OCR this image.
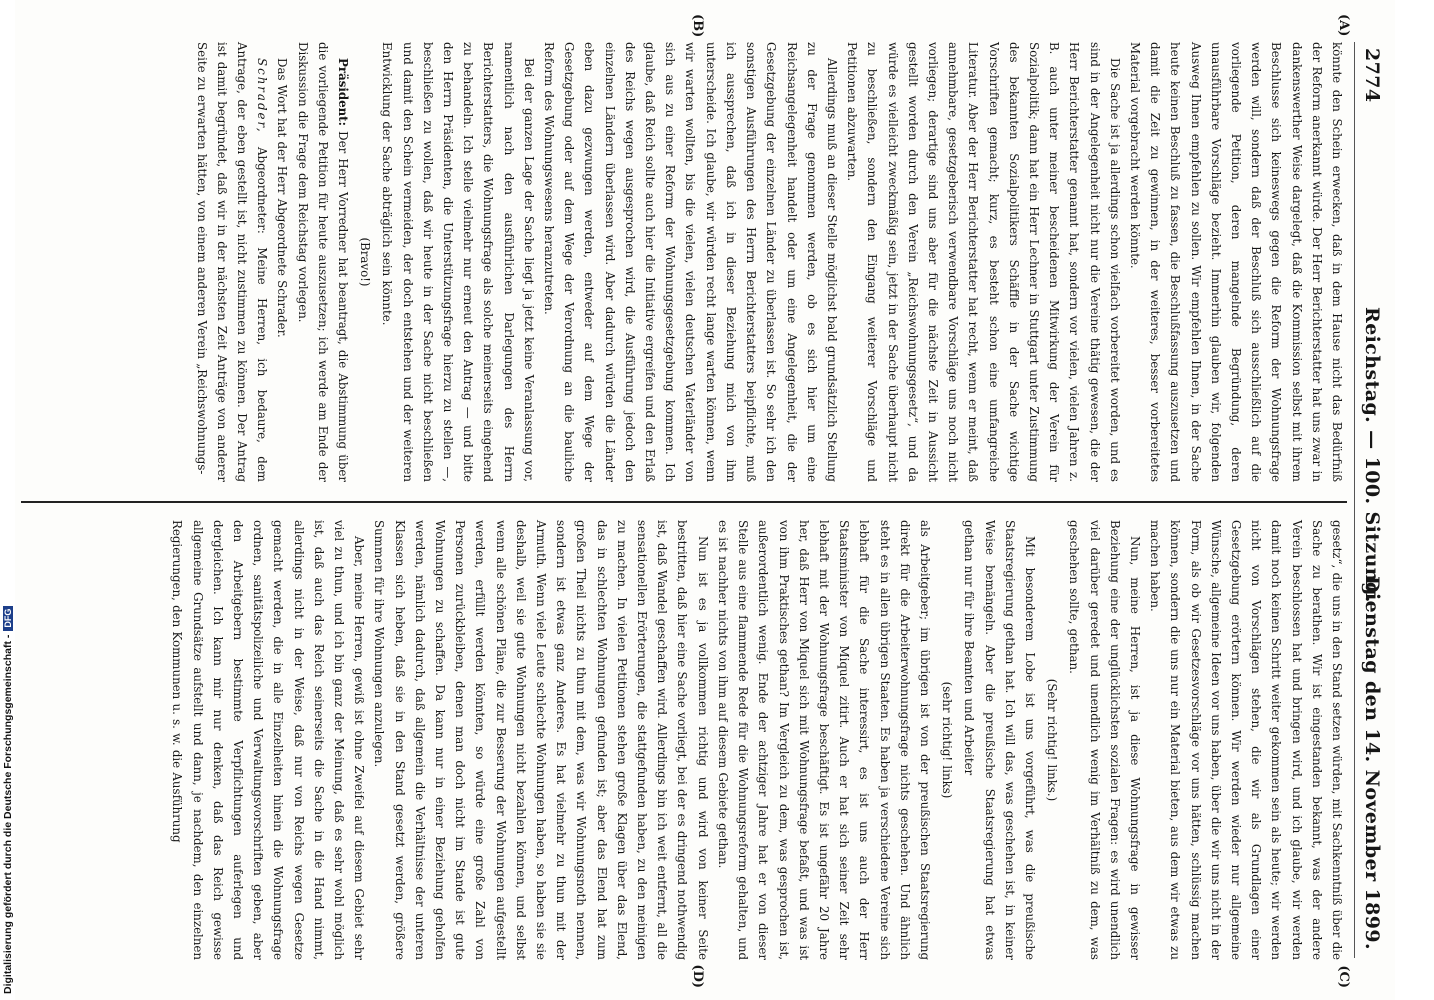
2774
Reichstag. — 100. Sitzung.
Dienstag den 14. November 1899.
(A)
(B)
(C)
(D)

könnte den Schein erwecken, daß in dem Hause nicht das Bedürfniß der Reform anerkannt würde. Der Herr Berichterstatter hat uns zwar in dankenswerther Weise dargelegt, daß die Kommission selbst mit ihrem Beschlusse sich keineswegs gegen die Reform der Wohnungsfrage werden will, sondern daß der Beschluß sich ausschließlich auf die vorliegende Petition, deren mangelnde Begründung, deren unausführbare Vorschläge bezieht. Immerhin glauben wir, folgenden Ausweg Ihnen empfehlen zu sollen. Wir empfehlen Ihnen, in der Sache heute keinen Beschluß zu fassen, die Beschlußfassung auszusetzen und damit die Zeit zu gewinnen, in der weiteres, besser vorbereitetes Material vorgebracht werden könnte.

Die Sache ist ja allerdings schon vielfach vorbereitet worden, und es sind in der Angelegenheit nicht nur die Vereine thätig gewesen, die der Herr Berichterstatter genannt hat, sondern vor vielen, vielen Jahren z. B. auch unter meiner bescheidenen Mitwirkung der Verein für Sozialpolitik; dann hat ein Herr Lechner in Stuttgart unter Zustimmung des bekannten Sozialpolitikers Schäffle in der Sache wichtige Vorschriften gemacht; kurz, es besteht schon eine umfangreiche Literatur. Aber der Herr Berichterstatter hat recht, wenn er meint, daß annehmbare, gesetzgeberisch verwendbare Vorschläge uns noch nicht vorliegen; derartige sind uns aber für die nächste Zeit in Aussicht gestellt worden durch den Verein „Reichswohnungsgesetz“, und da würde es vielleicht zweckmäßig sein, jetzt in der Sache überhaupt nicht zu beschließen, sondern den Eingang weiterer Vorschläge und Petitionen abzuwarten.

Allerdings muß an dieser Stelle möglichst bald grundsätzlich Stellung zu der Frage genommen werden, ob es sich hier um eine Reichsangelegenheit handelt oder um eine Angelegenheit, die der Gesetzgebung der einzelnen Länder zu überlassen ist. So sehr ich den sonstigen Ausführungen des Herrn Berichterstatters beipflichte, muß ich aussprechen, daß ich in dieser Beziehung mich von ihm unterscheide. Ich glaube, wir würden recht lange warten können, wenn wir warten wollten, bis die vielen, vielen deutschen Vaterländer von sich aus zu einer Reform der Wohnungsgesetzgebung kommen. Ich glaube, daß Reich sollte auch hier die Initiative ergreifen und den Erlaß des Reichs wegen ausgesprochen wird, die Ausführung jedoch den einzelnen Ländern überlassen wird. Aber dadurch würden die Länder eben dazu gezwungen werden, entweder auf dem Wege der Gesetzgebung oder auf dem Wege der Verordnung an die bauliche Reform des Wohnungswesens heranzutreten.

Bei der ganzen Lage der Sache liegt ja jetzt keine Veranlassung vor, namentlich nach den ausführlichen Darlegungen des Herrn Berichterstatters, die Wohnungsfrage als solche meinerseits eingehend zu behandeln. Ich stelle vielmehr nur erneut den Antrag — und bitte den Herrn Präsidenten, die Unterstützungsfrage hierzu zu stellen —, beschließen zu wollen, daß wir heute in der Sache nicht beschließen und damit den Schein vermeiden, der doch entstehen und der weiteren Entwicklung der Sache abträglich sein könnte.

(Bravo!)

Präsident: Der Herr Vorredner hat beantragt, die Abstimmung über die vorliegende Petition für heute auszusetzen; ich werde am Ende der Diskussion die Frage dem Reichstag vorlegen.

Das Wort hat der Herr Abgeordnete Schrader.

Schrader, Abgeordneter: Meine Herren, ich bedaure, dem Antrage, der eben gestellt ist, nicht zustimmen zu können. Der Antrag ist damit begründet, daß wir in der nächsten Zeit Anträge von anderer Seite zu erwarten hätten, von einem anderen Verein „Reichswohnungs-

gesetz“, die uns in den Stand setzen würden, mit Sachkenntniß über die Sache zu berathen. Wir ist eingestanden bekannt, was der andere Verein beschlossen hat und bringen wird, und ich glaube, wir werden damit noch keinen Schritt weiter gekommen sein als heute; wir werden nicht von Vorschlägen stehen, die wir als Grundlagen einer Gesetzgebung erörtern können. Wir werden wieder nur allgemeine Wünsche, allgemeine Ideen vor uns haben, über die wir uns nicht in der Form, als ob wir Gesetzesvorschläge vor uns hätten, schlüssig machen können, sondern die uns nur ein Material bieten, aus dem wir etwas zu machen haben.

Nun, meine Herren, ist ja diese Wohnungsfrage in gewisser Beziehung eine der unglücklichsten sozialen Fragen: es wird unendlich viel darüber geredet und unendlich wenig im Verhältniß zu dem, was geschehen sollte, gethan.

(Sehr richtig! links.)

Mit besonderem Lobe ist uns vorgeführt, was die preußische Staatsregierung gethan hat. Ich will das, was geschehen ist, in keiner Weise bemängeln. Aber die preußische Staatsregierung hat etwas gethan nur für ihre Beamten und Arbeiter

(sehr richtig! links)

als Arbeitgeber; im übrigen ist von der preußischen Staatsregierung direkt für die Arbeiterwohnungsfrage nichts geschehen. Und ähnlich steht es in allen übrigen Staaten. Es haben ja verschiedene Vereine sich lebhaft für die Sache interessirt, es ist uns auch der Herr Staatsminister von Miquel zitirt. Auch er hat sich seiner Zeit sehr lebhaft mit der Wohnungsfrage beschäftigt. Es ist ungefähr 20 Jahre her, daß Herr von Miquel sich mit Wohnungsfrage befaßt, und was ist von ihm Praktisches gethan? Im Vergleich zu dem, was gesprochen ist, außerordentlich wenig. Ende der achtziger Jahre hat er von dieser Stelle aus eine flammende Rede für die Wohnungsreform gehalten, und es ist nachher nichts von ihm auf diesem Gebiete gethan.

Nun ist es ja vollkommen richtig und wird von keiner Seite bestritten, daß hier eine Sache vorliegt, bei der es dringend nothwendig ist, daß Wandel geschaffen wird. Allerdings bin ich weit entfernt, all die sensationellen Erörterungen, die stattgefunden haben, zu den meinigen zu machen. In vielen Petitionen stehen große Klagen über das Elend, das in schlechten Wohnungen gefunden ist; aber das Elend hat zum großen Theil nichts zu thun mit dem, was wir Wohnungsnoth nennen, sondern ist etwas ganz Anderes. Es hat vielmehr zu thun mit der Armuth. Wenn viele Leute schlechte Wohnungen haben, so haben sie sie deshalb, weil sie gute Wohnungen nicht bezahlen können, und selbst wenn alle schönen Pläne, die zur Besserung der Wohnungen aufgestellt werden, erfüllt werden könnten, so würde eine große Zahl von Personen zurückbleiben, denen man doch nicht im Stande ist gute Wohnungen zu schaffen. Da kann nur in einer Beziehung geholfen werden, nämlich dadurch, daß allgemein die Verhältnisse der unteren Klassen sich heben, daß sie in den Stand gesetzt werden, größere Summen für ihre Wohnungen anzulegen.

Aber, meine Herren, gewiß ist ohne Zweifel auf diesem Gebiet sehr viel zu thun, und ich bin ganz der Meinung, daß es sehr wohl möglich ist, daß auch das Reich seinerseits die Sache in die Hand nimmt, allerdings nicht in der Weise, daß nur von Reichs wegen Gesetze gemacht werden, die in alle Einzelheiten hinein die Wohnungsfrage ordnen, sanitätspolizeiliche und Verwaltungsvorschriften geben, aber den Arbeitgebern bestimmte Verpflichtungen auferlegen und dergleichen. Ich kann mir nur denken, daß das Reich gewisse allgemeine Grundsätze aufstellt und dann, je nachdem, den einzelnen Regierungen, den Kommunen u. s. w. die Ausführung

Digitalisierung gefördert durch die Deutsche Forschungsgemeinschaft -DFG
